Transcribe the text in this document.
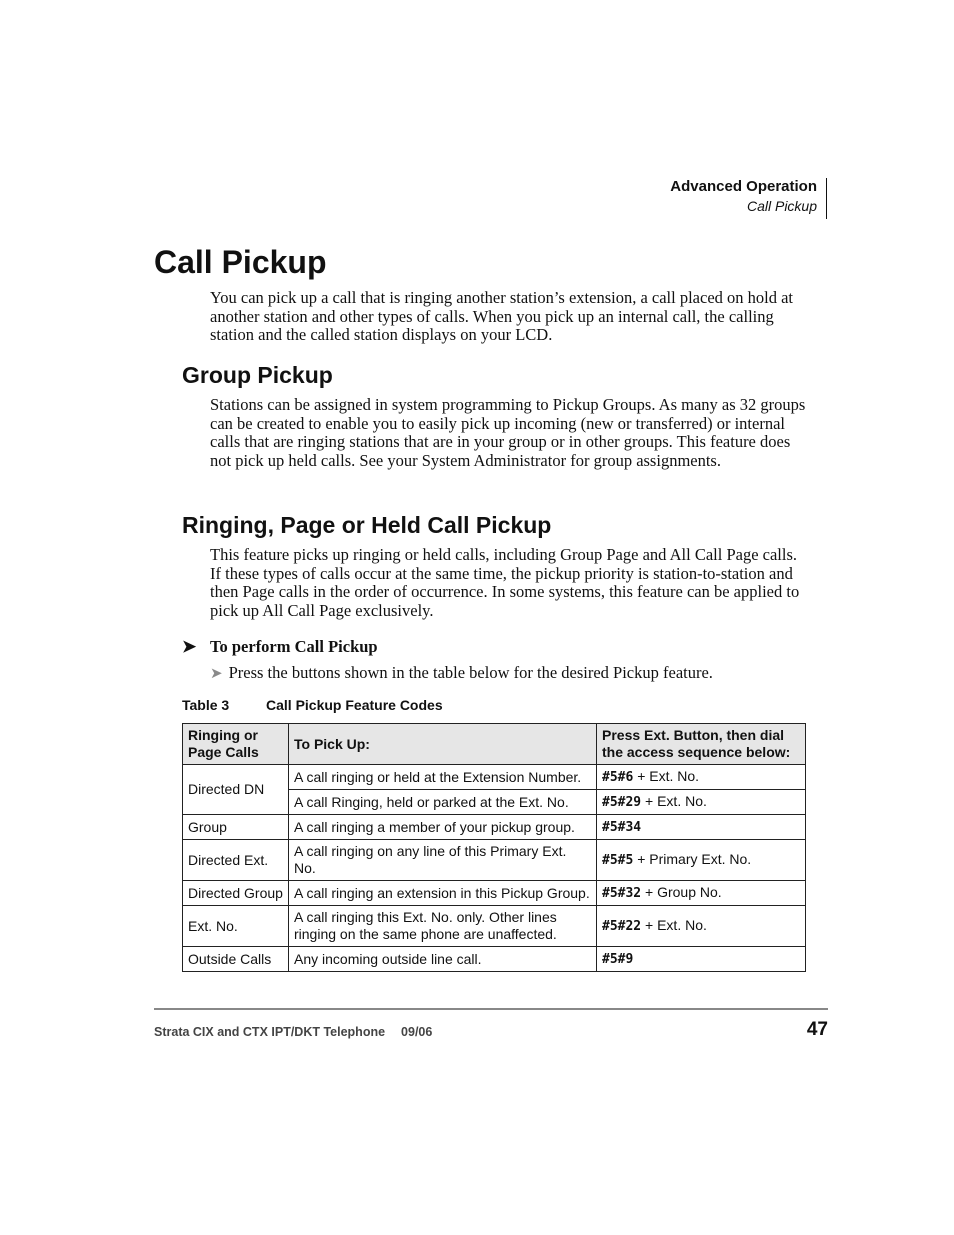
Advanced Operation
Call Pickup
Call Pickup

You can pick up a call that is ringing another station’s extension, a call placed on hold at another station and other types of calls. When you pick up an internal call, the calling station and the called station displays on your LCD.

Group Pickup

Stations can be assigned in system programming to Pickup Groups. As many as 32 groups can be created to enable you to easily pick up incoming (new or transferred) or internal calls that are ringing stations that are in your group or in other groups. This feature does not pick up held calls. See your System Administrator for group assignments.

Ringing, Page or Held Call Pickup

This feature picks up ringing or held calls, including Group Page and All Call Page calls. If these types of calls occur at the same time, the pickup priority is station-to-station and then Page calls in the order of occurrence. In some systems, this feature can be applied to pick up All Call Page exclusively.

➤ To perform Call Pickup
➤ Press the buttons shown in the table below for the desired Pickup feature.
Table 3	Call Pickup Feature Codes
Ringing or Page Calls	To Pick Up:	Press Ext. Button, then dial the access sequence below:
Directed DN	A call ringing or held at the Extension Number.	#5#6 + Ext. No.
	A call Ringing, held or parked at the Ext. No.	#5#29 + Ext. No.
Group	A call ringing a member of your pickup group.	#5#34
Directed Ext.	A call ringing on any line of this Primary Ext. No.	#5#5 + Primary Ext. No.
Directed Group	A call ringing an extension in this Pickup Group.	#5#32 + Group No.
Ext. No.	A call ringing this Ext. No. only. Other lines ringing on the same phone are unaffected.	#5#22 + Ext. No.
Outside Calls	Any incoming outside line call.	#5#9
Strata CIX and CTX IPT/DKT Telephone 09/06	47
